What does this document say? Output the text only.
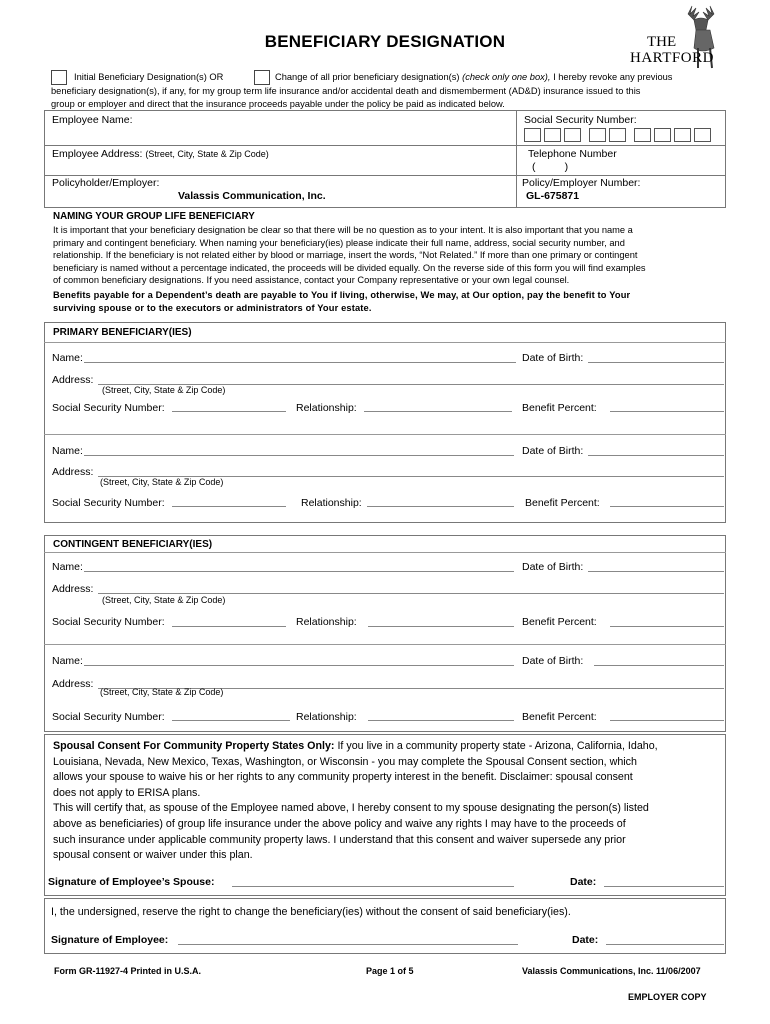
BENEFICIARY DESIGNATION	THE
HARTFORD
Initial Beneficiary Designation(s) OR	Change of all prior beneficiary designation(s) (check only one box), I hereby revoke any previous
beneficiary designation(s), if any, for my group term life insurance and/or accidental death and dismemberment (AD&D) insurance issued to this
group or employer and direct that the insurance proceeds payable under the policy be paid as indicated below.
Employee Name:	Social Security Number:
Employee Address: (Street, City, State & Zip Code)	Telephone Number
(          )
Policyholder/Employer:
Valassis Communication, Inc.
Policy/Employer Number:
GL-675871
NAMING YOUR GROUP LIFE BENEFICIARY
It is important that your beneficiary designation be clear so that there will be no question as to your intent. It is also important that you name a
primary and contingent beneficiary. When naming your beneficiary(ies) please indicate their full name, address, social security number, and
relationship. If the beneficiary is not related either by blood or marriage, insert the words, “Not Related.” If more than one primary or contingent
beneficiary is named without a percentage indicated, the proceeds will be divided equally. On the reverse side of this form you will find examples
of common beneficiary designations. If you need assistance, contact your Company representative or your own legal counsel.
Benefits payable for a Dependent’s death are payable to You if living, otherwise, We may, at Our option, pay the benefit to Your
surviving spouse or to the executors or administrators of Your estate.
PRIMARY BENEFICIARY(IES)
Name:	Date of Birth:
Address:
(Street, City, State & Zip Code)
Social Security Number:	Relationship:	Benefit Percent:
Name:	Date of Birth:
Address:
(Street, City, State & Zip Code)
Social Security Number:	Relationship:	Benefit Percent:
CONTINGENT BENEFICIARY(IES)
Name:	Date of Birth:
Address:
(Street, City, State & Zip Code)
Social Security Number:	Relationship:	Benefit Percent:
Name:	Date of Birth:
Address:
(Street, City, State & Zip Code)
Social Security Number:	Relationship:	Benefit Percent:
Spousal Consent For Community Property States Only: If you live in a community property state - Arizona, California, Idaho,
Louisiana, Nevada, New Mexico, Texas, Washington, or Wisconsin - you may complete the Spousal Consent section, which
allows your spouse to waive his or her rights to any community property interest in the benefit. Disclaimer: spousal consent
does not apply to ERISA plans.
This will certify that, as spouse of the Employee named above, I hereby consent to my spouse designating the person(s) listed
above as beneficiaries) of group life insurance under the above policy and waive any rights I may have to the proceeds of
such insurance under applicable community property laws. I understand that this consent and waiver supersede any prior
spousal consent or waiver under this plan.
Signature of Employee’s Spouse:	Date:
I, the undersigned, reserve the right to change the beneficiary(ies) without the consent of said beneficiary(ies).
Signature of Employee:	Date:
Form GR-11927-4 Printed in U.S.A.	Page 1 of 5	Valassis Communications, Inc. 11/06/2007
EMPLOYER COPY
